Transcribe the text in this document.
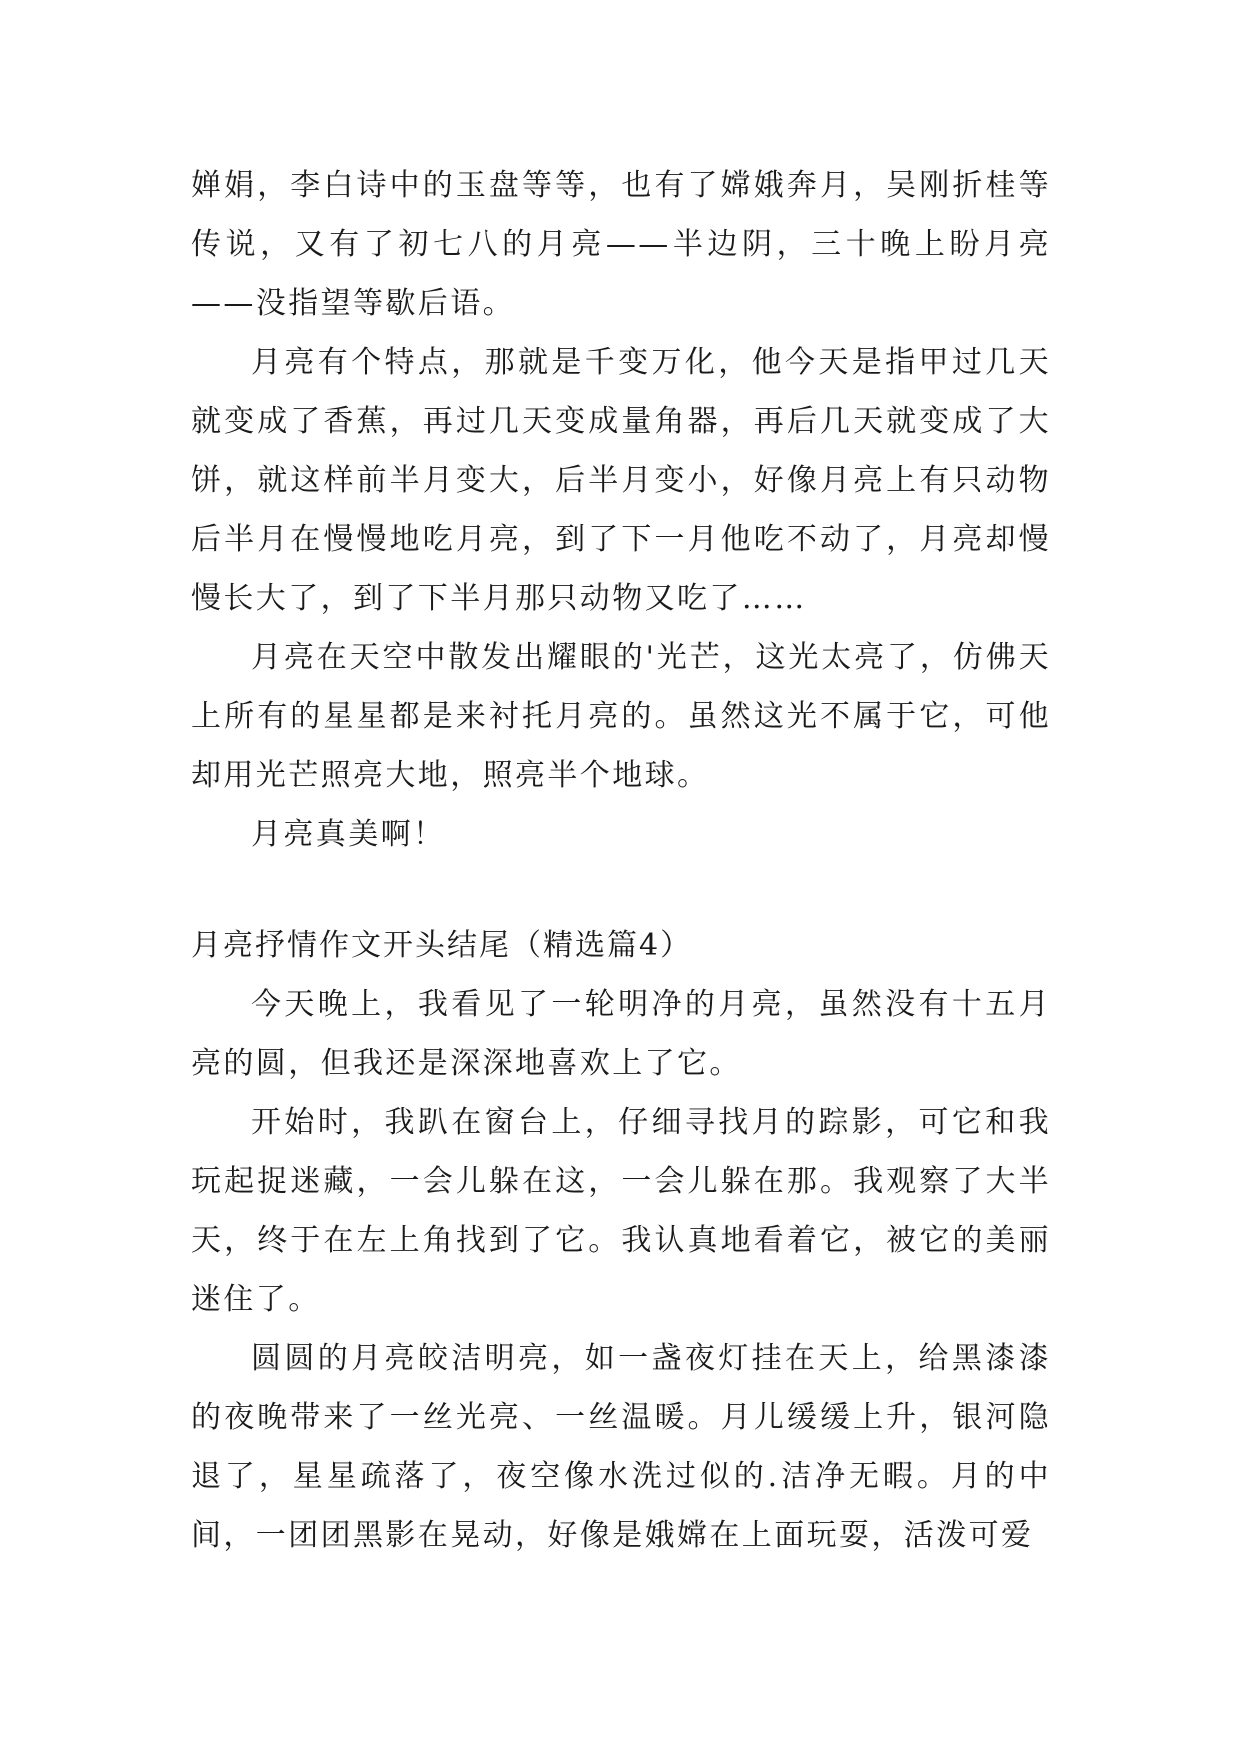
婵娟，李白诗中的玉盘等等，也有了嫦娥奔月，吴刚折桂等传说，又有了初七八的月亮——半边阴，三十晚上盼月亮——没指望等歇后语。

月亮有个特点，那就是千变万化，他今天是指甲过几天就变成了香蕉，再过几天变成量角器，再后几天就变成了大饼，就这样前半月变大，后半月变小，好像月亮上有只动物后半月在慢慢地吃月亮，到了下一月他吃不动了，月亮却慢慢长大了，到了下半月那只动物又吃了……

月亮在天空中散发出耀眼的'光芒，这光太亮了，仿佛天上所有的星星都是来衬托月亮的。虽然这光不属于它，可他却用光芒照亮大地，照亮半个地球。

月亮真美啊！

月亮抒情作文开头结尾（精选篇4）

今天晚上，我看见了一轮明净的月亮，虽然没有十五月亮的圆，但我还是深深地喜欢上了它。

开始时，我趴在窗台上，仔细寻找月的踪影，可它和我玩起捉迷藏，一会儿躲在这，一会儿躲在那。我观察了大半天，终于在左上角找到了它。我认真地看着它，被它的美丽迷住了。

圆圆的月亮皎洁明亮，如一盏夜灯挂在天上，给黑漆漆的夜晚带来了一丝光亮、一丝温暖。月儿缓缓上升，银河隐退了，星星疏落了，夜空像水洗过似的.洁净无暇。月的中间，一团团黑影在晃动，好像是娥嫦在上面玩耍，活泼可爱
